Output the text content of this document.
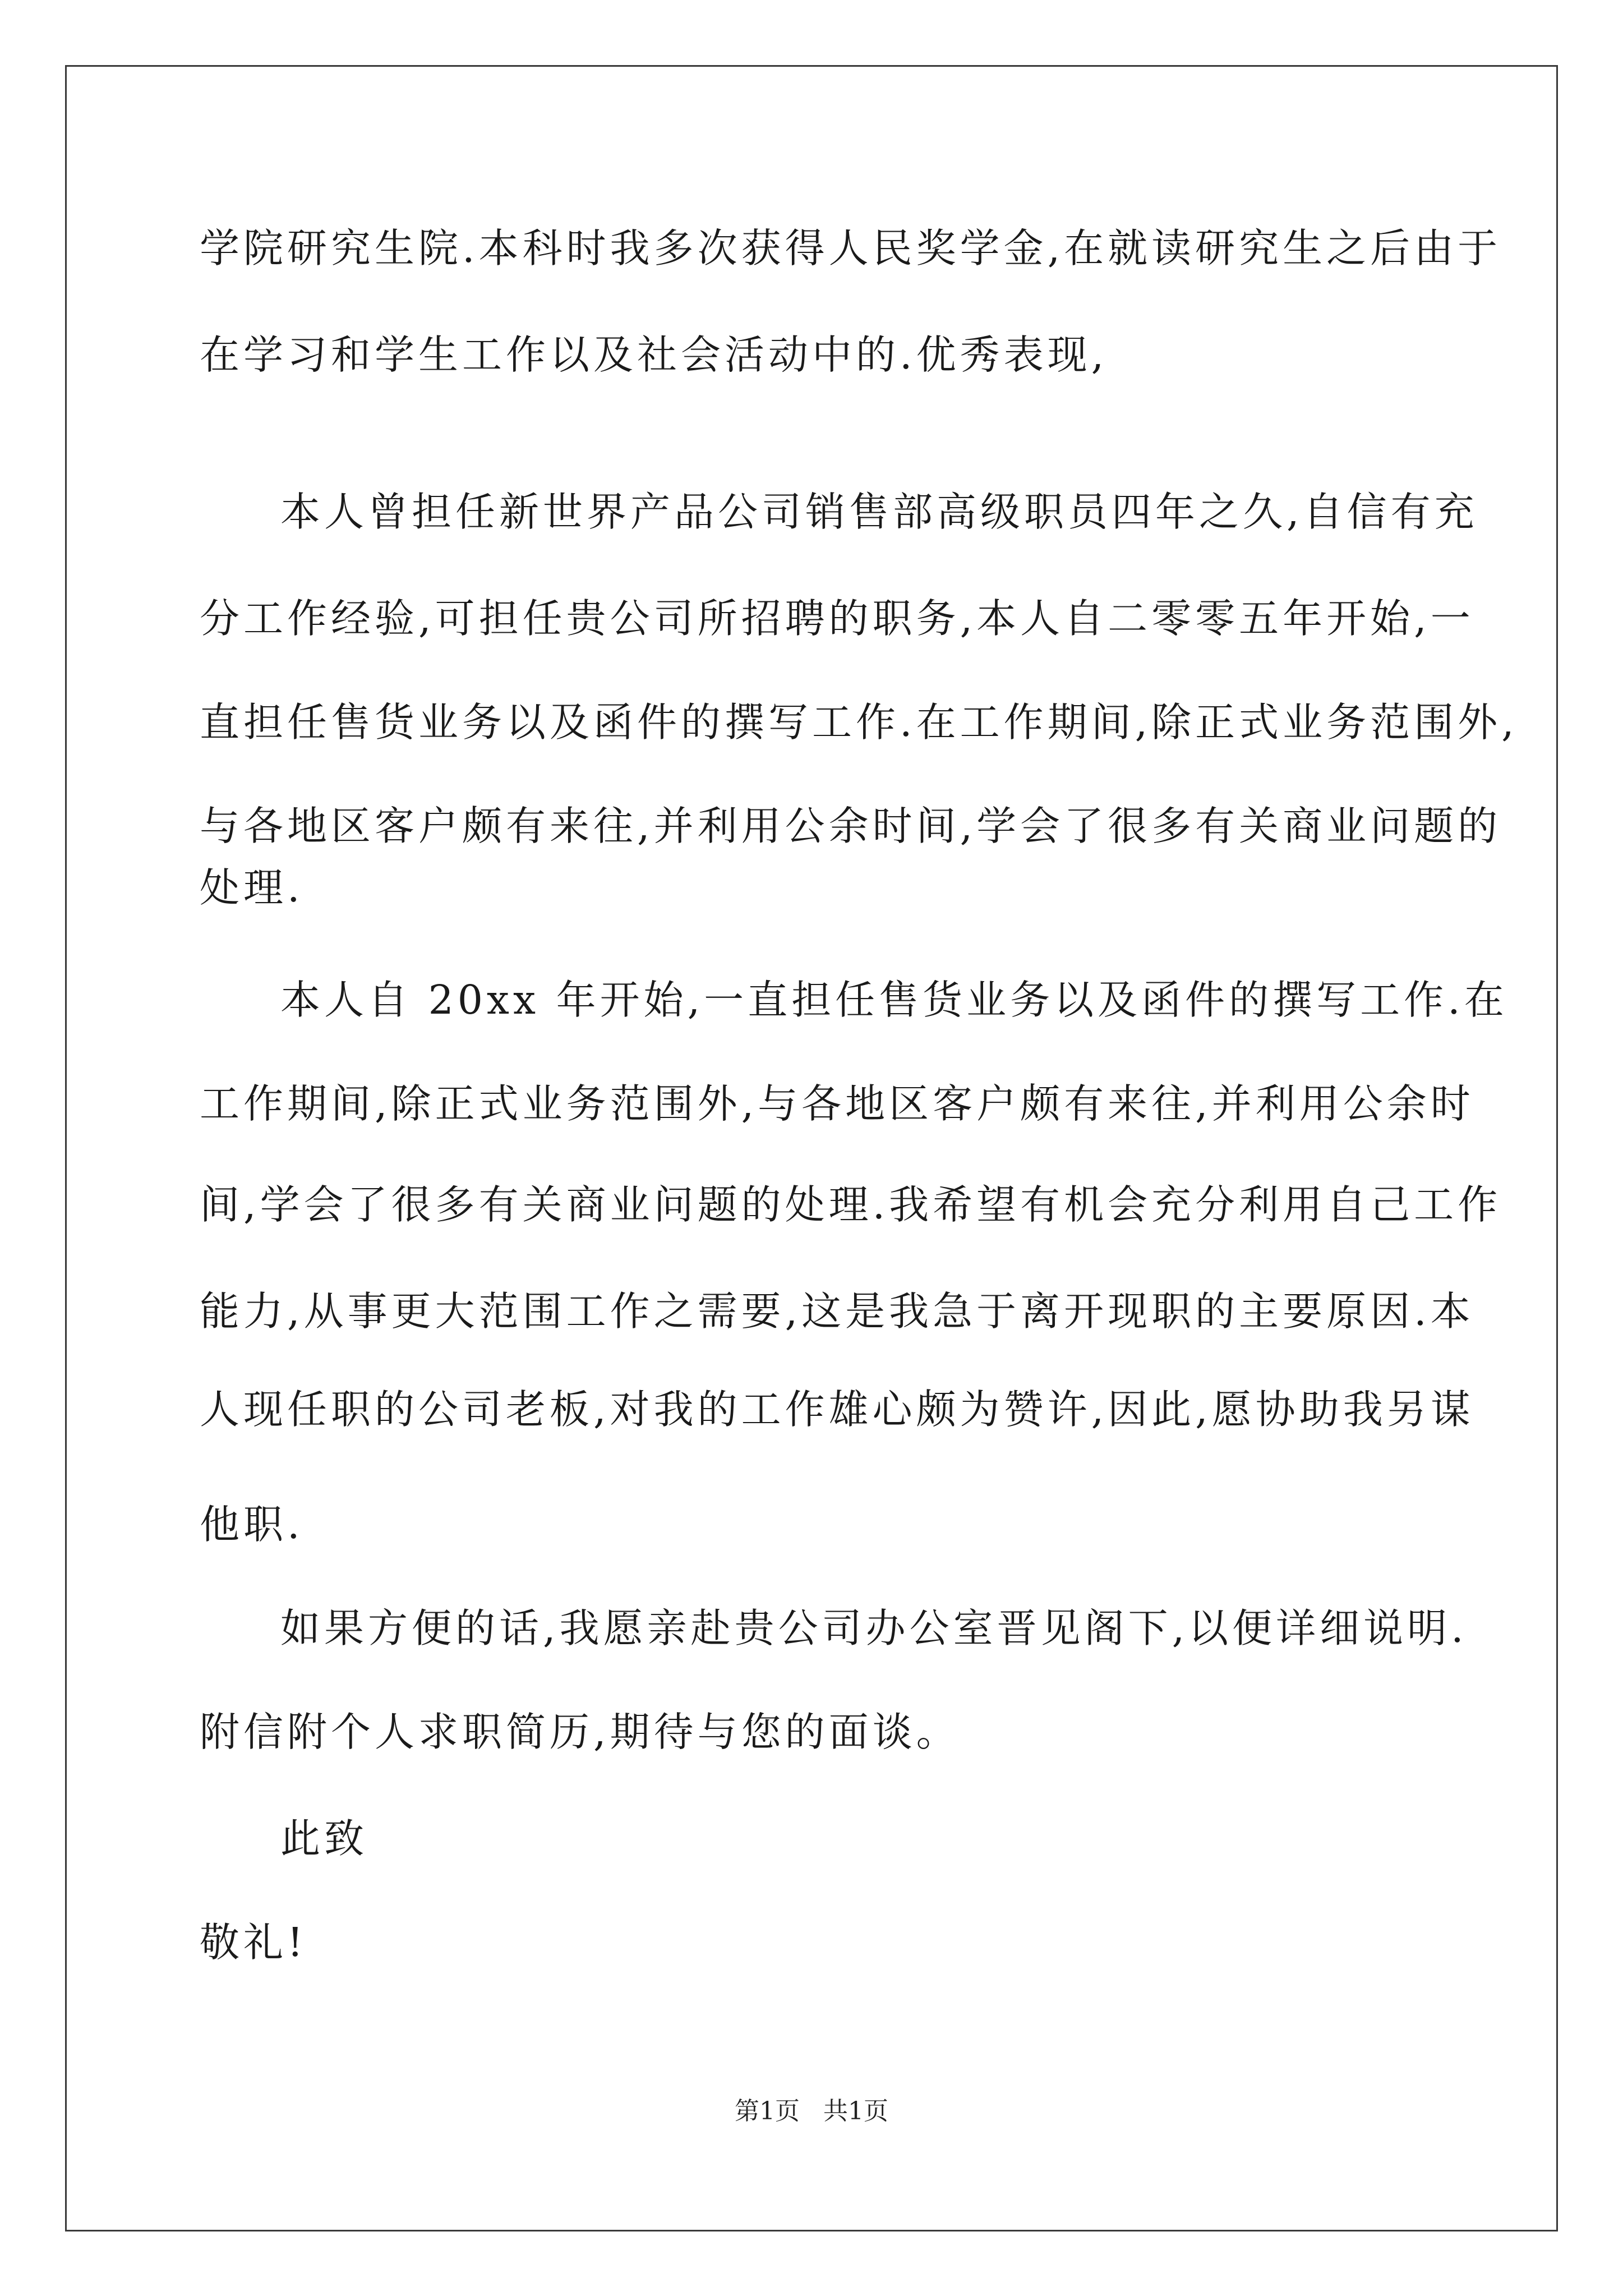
学院研究生院.本科时我多次获得人民奖学金,在就读研究生之后由于
在学习和学生工作以及社会活动中的.优秀表现,
本人曾担任新世界产品公司销售部高级职员四年之久,自信有充
分工作经验,可担任贵公司所招聘的职务,本人自二零零五年开始,一
直担任售货业务以及函件的撰写工作.在工作期间,除正式业务范围外,
与各地区客户颇有来往,并利用公余时间,学会了很多有关商业问题的
处理.
本人自 20xx 年开始,一直担任售货业务以及函件的撰写工作.在
工作期间,除正式业务范围外,与各地区客户颇有来往,并利用公余时
间,学会了很多有关商业问题的处理.我希望有机会充分利用自己工作
能力,从事更大范围工作之需要,这是我急于离开现职的主要原因.本
人现任职的公司老板,对我的工作雄心颇为赞许,因此,愿协助我另谋
他职.
如果方便的话,我愿亲赴贵公司办公室晋见阁下,以便详细说明.
附信附个人求职简历,期待与您的面谈。
此致
敬礼!
第1页 共1页
